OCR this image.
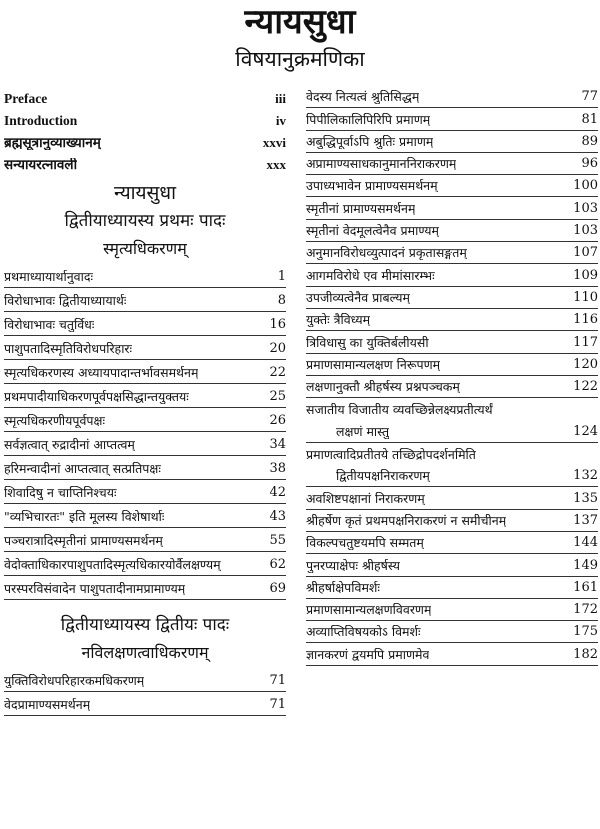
न्यायसुधा
विषयानुक्रमणिका
Preface	iii
Introduction	iv
ब्रह्मसूत्रानुव्याख्यानम्	xxvi
सन्यायरत्नावली	xxx
न्यायसुधा
द्वितीयाध्यायस्य प्रथमः पादः
स्मृत्यधिकरणम्
प्रथमाध्यायार्थानुवादः	1
विरोधाभावः द्वितीयाध्यायार्थः	8
विरोधाभावः चतुर्विधः	16
पाशुपतादिस्मृतिविरोधपरिहारः	20
स्मृत्यधिकरणस्य अध्यायपादान्तर्भावसमर्थनम्	22
प्रथमपादीयाधिकरणपूर्वपक्षसिद्धान्तयुक्तयः	25
स्मृत्यधिकरणीयपूर्वपक्षः	26
सर्वज्ञत्वात् रुद्रादीनां आप्तत्वम्	34
हरिमन्वादीनां आप्तत्वात् सत्प्रतिपक्षः	38
शिवादिषु न चाप्तिनिश्चयः	42
"व्यभिचारतः" इति मूलस्य विशेषार्थाः	43
पञ्चरात्रादिस्मृतीनां प्रामाण्यसमर्थनम्	55
वेदोक्ताधिकारपाशुपतादिस्मृत्यधिकारयोर्वैलक्षण्यम्	62
परस्परविसंवादेन पाशुपतादीनामप्रामाण्यम्	69
द्वितीयाध्यायस्य द्वितीयः पादः
नविलक्षणत्वाधिकरणम्
युक्तिविरोधपरिहारकमधिकरणम्	71
वेदप्रामाण्यसमर्थनम्	71
वेदस्य नित्यत्वं श्रुतिसिद्धम्	77
पिपीलिकालिपिरिपि प्रमाणम्	81
अबुद्धिपूर्वाऽपि श्रुतिः प्रमाणम्	89
अप्रामाण्यसाधकानुमाननिराकरणम्	96
उपाध्यभावेन प्रामाण्यसमर्थनम्	100
स्मृतीनां प्रामाण्यसमर्थनम्	103
स्मृतीनां वेदमूलत्वेनैव प्रमाण्यम्	103
अनुमानविरोधव्युत्पादनं प्रकृतासङ्गतम्	107
आगमविरोधे एव मीमांसारम्भः	109
उपजीव्यत्वेनैव प्राबल्यम्	110
युक्तेः त्रैविध्यम्	116
त्रिविधासु का युक्तिर्बलीयसी	117
प्रमाणसामान्यलक्षण निरूपणम्	120
लक्षणानुक्तौ श्रीहर्षस्य प्रश्नपञ्चकम्	122
सजातीय विजातीय व्यवच्छिन्नेलक्ष्यप्रतीत्यर्थं
लक्षणं मास्तु	124
प्रमाणत्वादिप्रतीतये तच्छिद्रोपदर्शनमिति
द्वितीयपक्षनिराकरणम्	132
अवशिष्टपक्षानां निराकरणम्	135
श्रीहर्षेण कृतं प्रथमपक्षनिराकरणं न समीचीनम्	137
विकल्पचतुष्टयमपि सम्मतम्	144
पुनरप्याक्षेपः श्रीहर्षस्य	149
श्रीहर्षाक्षेपविमर्शः	161
प्रमाणसामान्यलक्षणविवरणम्	172
अव्याप्तिविषयकोऽ विमर्शः	175
ज्ञानकरणं द्वयमपि प्रमाणमेव	182
